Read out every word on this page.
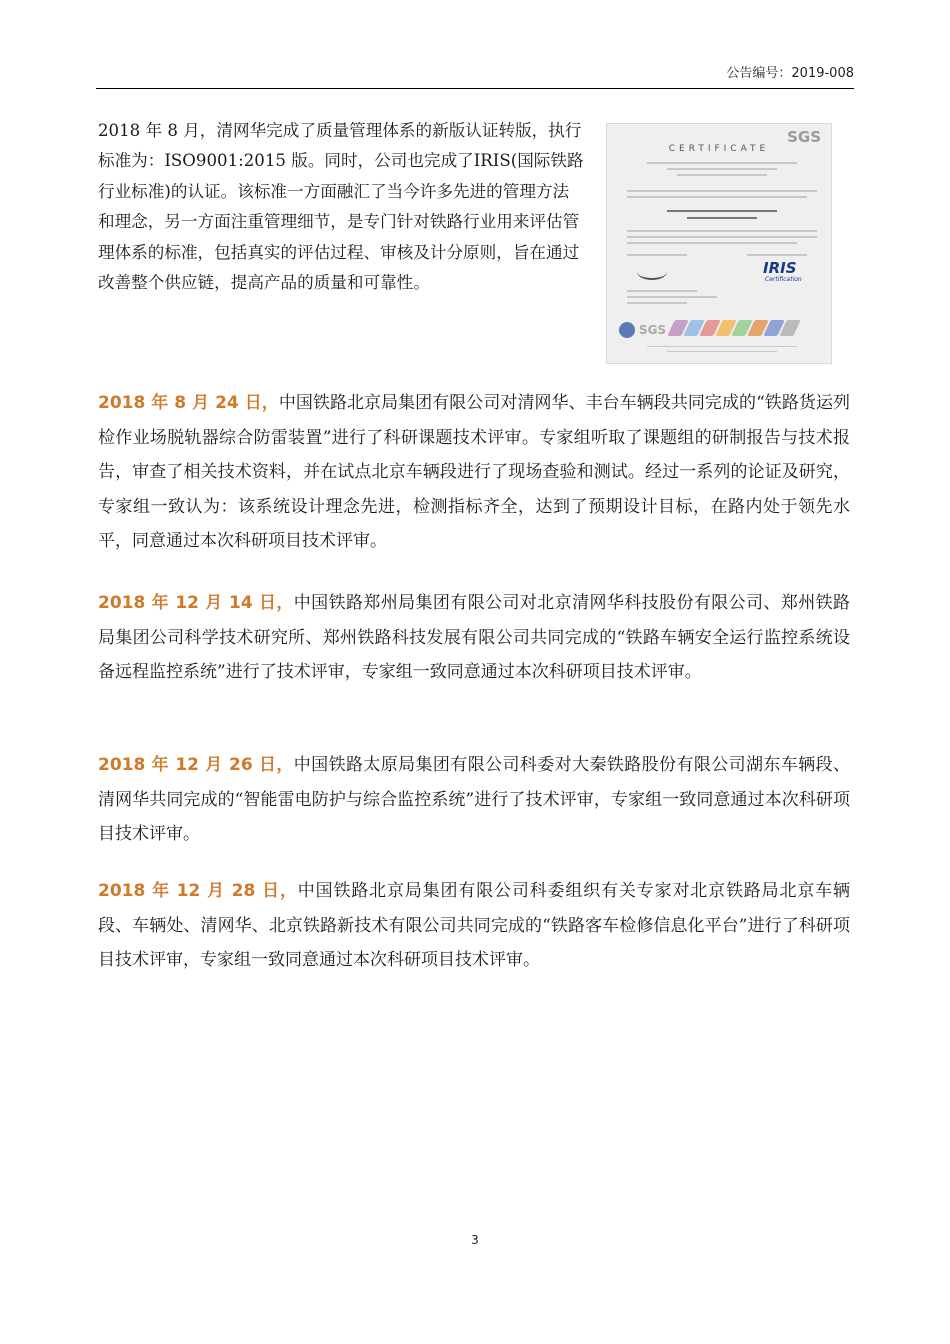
公告编号：2019-008

2018 年 8 月，清网华完成了质量管理体系的新版认证转版，执行标准为：ISO9001:2015 版。同时，公司也完成了IRIS(国际铁路行业标准)的认证。该标准一方面融汇了当今许多先进的管理方法和理念，另一方面注重管理细节，是专门针对铁路行业用来评估管理体系的标准，包括真实的评估过程、审核及计分原则，旨在通过改善整个供应链，提高产品的质量和可靠性。

SGS
CERTIFICATE
IRIS
Certification
SGS

2018 年 8 月 24 日，中国铁路北京局集团有限公司对清网华、丰台车辆段共同完成的“铁路货运列检作业场脱轨器综合防雷装置”进行了科研课题技术评审。专家组听取了课题组的研制报告与技术报告，审查了相关技术资料，并在试点北京车辆段进行了现场查验和测试。经过一系列的论证及研究，专家组一致认为：该系统设计理念先进，检测指标齐全，达到了预期设计目标，在路内处于领先水平，同意通过本次科研项目技术评审。

2018 年 12 月 14 日，中国铁路郑州局集团有限公司对北京清网华科技股份有限公司、郑州铁路局集团公司科学技术研究所、郑州铁路科技发展有限公司共同完成的“铁路车辆安全运行监控系统设备远程监控系统”进行了技术评审，专家组一致同意通过本次科研项目技术评审。

2018 年 12 月 26 日，中国铁路太原局集团有限公司科委对大秦铁路股份有限公司湖东车辆段、清网华共同完成的“智能雷电防护与综合监控系统”进行了技术评审，专家组一致同意通过本次科研项目技术评审。

2018 年 12 月 28 日，中国铁路北京局集团有限公司科委组织有关专家对北京铁路局北京车辆段、车辆处、清网华、北京铁路新技术有限公司共同完成的“铁路客车检修信息化平台”进行了科研项目技术评审，专家组一致同意通过本次科研项目技术评审。

3
